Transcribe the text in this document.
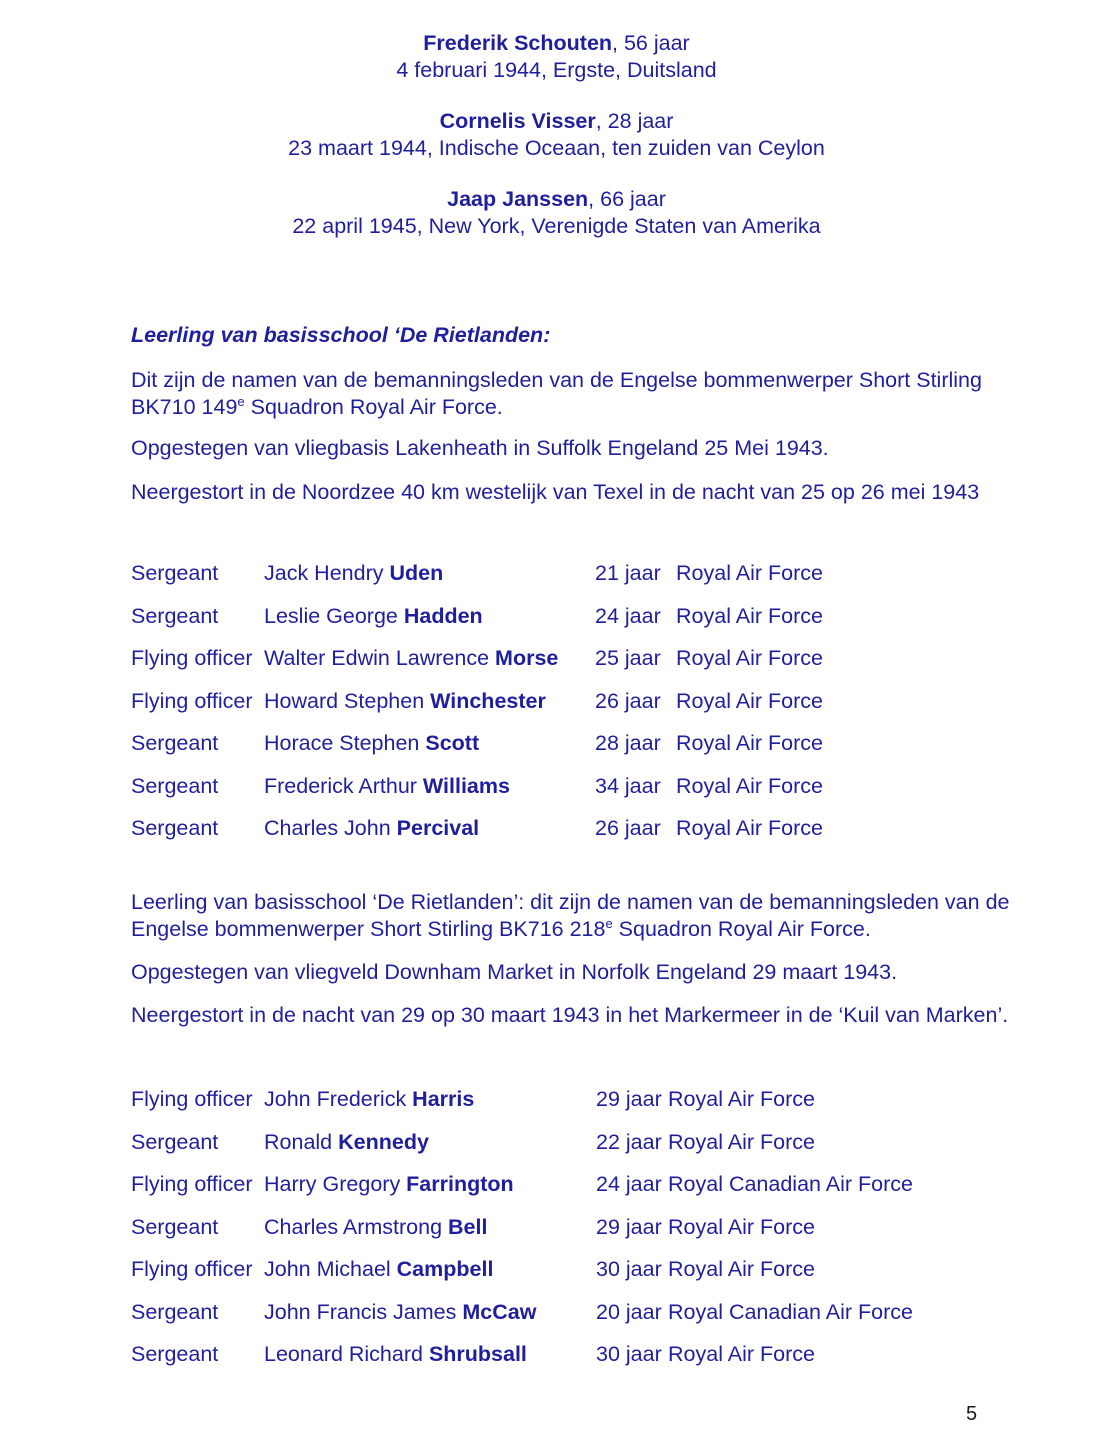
Frederik Schouten, 56 jaar
4 februari 1944, Ergste, Duitsland
Cornelis Visser, 28 jaar
23 maart 1944, Indische Oceaan, ten zuiden van Ceylon
Jaap Janssen, 66 jaar
22 april 1945, New York, Verenigde Staten van Amerika
Leerling van basisschool ‘De Rietlanden:
Dit zijn de namen van de bemanningsleden van de Engelse bommenwerper Short Stirling
BK710 149e Squadron Royal Air Force.
Opgestegen van vliegbasis Lakenheath in Suffolk Engeland 25 Mei 1943.
Neergestort in de Noordzee 40 km westelijk van Texel in de nacht van 25 op 26 mei 1943
Sergeant	Jack Hendry Uden	21 jaar Royal Air Force
Sergeant	Leslie George Hadden	24 jaar Royal Air Force
Flying officer Walter Edwin Lawrence Morse	25 jaar Royal Air Force
Flying officer Howard Stephen Winchester	26 jaar Royal Air Force
Sergeant	Horace Stephen Scott	28 jaar Royal Air Force
Sergeant	Frederick Arthur Williams	34 jaar Royal Air Force
Sergeant	Charles John Percival	26 jaar Royal Air Force
Leerling van basisschool ‘De Rietlanden’: dit zijn de namen van de bemanningsleden van de
Engelse bommenwerper Short Stirling BK716 218e Squadron Royal Air Force.
Opgestegen van vliegveld Downham Market in Norfolk Engeland 29 maart 1943.
Neergestort in de nacht van 29 op 30 maart 1943 in het Markermeer in de ‘Kuil van Marken’.
Flying officer John Frederick Harris	29 jaar Royal Air Force
Sergeant	Ronald Kennedy	22 jaar Royal Air Force
Flying officer Harry Gregory Farrington	24 jaar Royal Canadian Air Force
Sergeant	Charles Armstrong Bell	29 jaar Royal Air Force
Flying officer John Michael Campbell	30 jaar Royal Air Force
Sergeant	John Francis James McCaw	20 jaar Royal Canadian Air Force
Sergeant	Leonard Richard Shrubsall	30 jaar Royal Air Force
5
